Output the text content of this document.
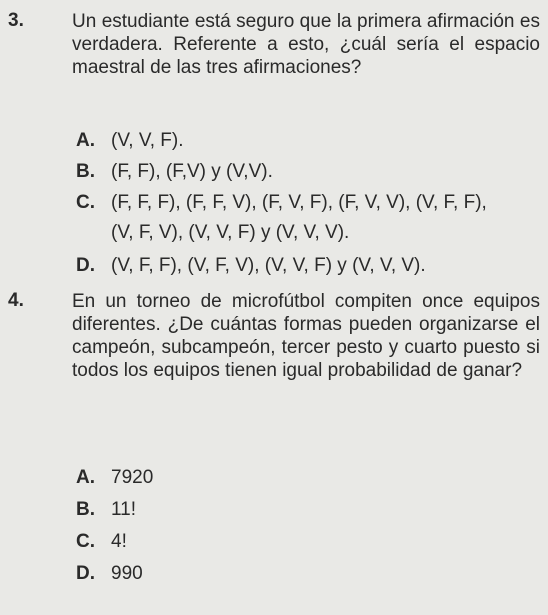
3.	Un estudiante está seguro que la primera afirmación es verdadera. Referente a esto, ¿cuál sería el espacio maestral de las tres afirmaciones?
A. (V, V, F).
B. (F, F), (F,V) y (V,V).
C. (F, F, F), (F, F, V), (F, V, F), (F, V, V), (V, F, F),
(V, F, V), (V, V, F) y (V, V, V).
D. (V, F, F), (V, F, V), (V, V, F) y (V, V, V).
4.	En un torneo de microfútbol compiten once equipos diferentes. ¿De cuántas formas pueden organizarse el campeón, subcampeón, tercer pesto y cuarto puesto si todos los equipos tienen igual probabilidad de ganar?
A. 7920
B. 11!
C. 4!
D. 990
